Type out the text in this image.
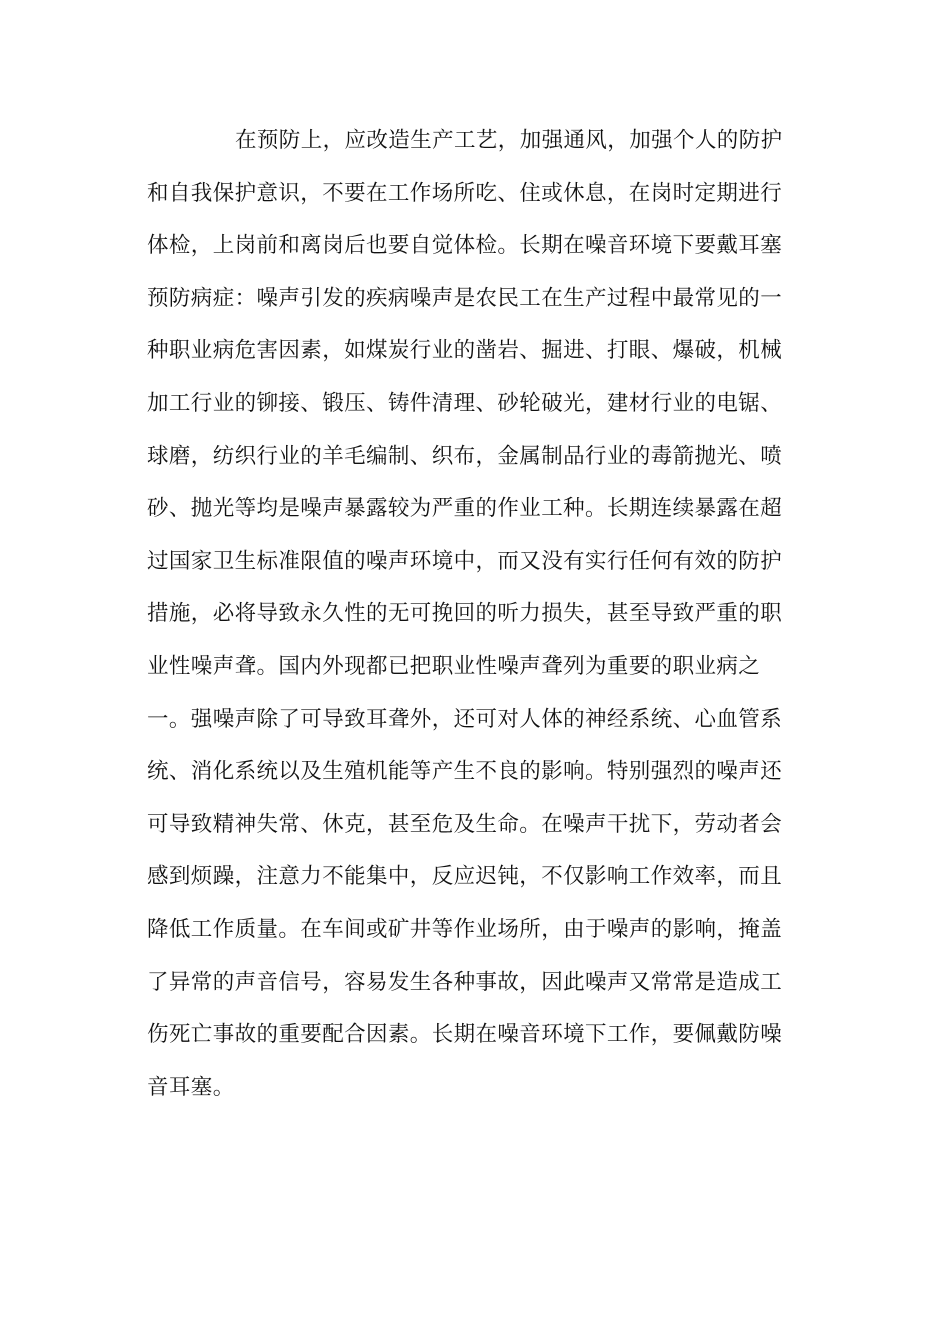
在预防上，应改造生产工艺，加强通风，加强个人的防护
和自我保护意识，不要在工作场所吃、住或休息，在岗时定期进行
体检，上岗前和离岗后也要自觉体检。长期在噪音环境下要戴耳塞
预防病症：噪声引发的疾病噪声是农民工在生产过程中最常见的一
种职业病危害因素，如煤炭行业的凿岩、掘进、打眼、爆破，机械
加工行业的铆接、锻压、铸件清理、砂轮破光，建材行业的电锯、
球磨，纺织行业的羊毛编制、织布，金属制品行业的毒箭抛光、喷
砂、抛光等均是噪声暴露较为严重的作业工种。长期连续暴露在超
过国家卫生标准限值的噪声环境中，而又没有实行任何有效的防护
措施，必将导致永久性的无可挽回的听力损失，甚至导致严重的职
业性噪声聋。国内外现都已把职业性噪声聋列为重要的职业病之
一。强噪声除了可导致耳聋外，还可对人体的神经系统、心血管系
统、消化系统以及生殖机能等产生不良的影响。特别强烈的噪声还
可导致精神失常、休克，甚至危及生命。在噪声干扰下，劳动者会
感到烦躁，注意力不能集中，反应迟钝，不仅影响工作效率，而且
降低工作质量。在车间或矿井等作业场所，由于噪声的影响，掩盖
了异常的声音信号，容易发生各种事故，因此噪声又常常是造成工
伤死亡事故的重要配合因素。长期在噪音环境下工作，要佩戴防噪
音耳塞。
